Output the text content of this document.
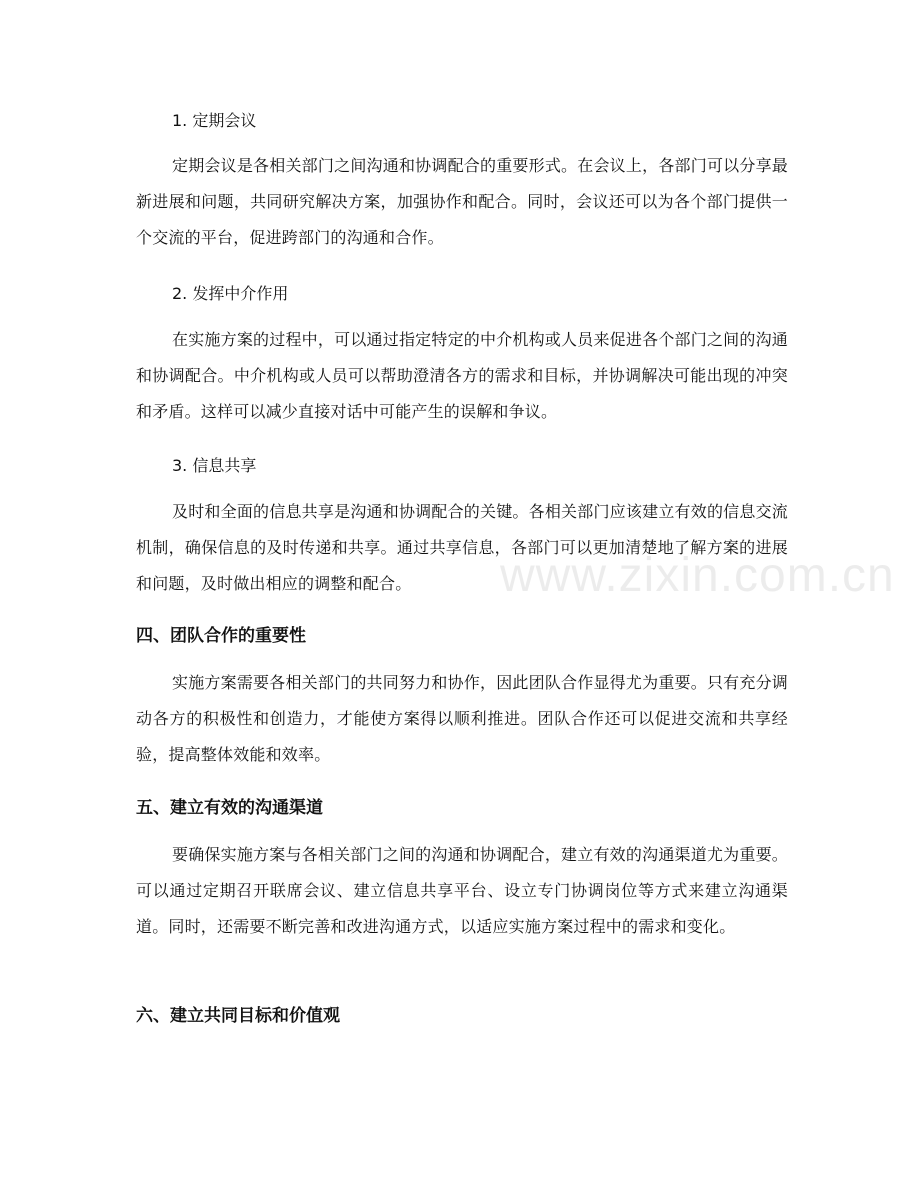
1. 定期会议

定期会议是各相关部门之间沟通和协调配合的重要形式。在会议上，各部门可以分享最新进展和问题，共同研究解决方案，加强协作和配合。同时，会议还可以为各个部门提供一个交流的平台，促进跨部门的沟通和合作。

2. 发挥中介作用

在实施方案的过程中，可以通过指定特定的中介机构或人员来促进各个部门之间的沟通和协调配合。中介机构或人员可以帮助澄清各方的需求和目标，并协调解决可能出现的冲突和矛盾。这样可以减少直接对话中可能产生的误解和争议。

3. 信息共享

及时和全面的信息共享是沟通和协调配合的关键。各相关部门应该建立有效的信息交流机制，确保信息的及时传递和共享。通过共享信息，各部门可以更加清楚地了解方案的进展和问题，及时做出相应的调整和配合。

四、团队合作的重要性

实施方案需要各相关部门的共同努力和协作，因此团队合作显得尤为重要。只有充分调动各方的积极性和创造力，才能使方案得以顺利推进。团队合作还可以促进交流和共享经验，提高整体效能和效率。

五、建立有效的沟通渠道

要确保实施方案与各相关部门之间的沟通和协调配合，建立有效的沟通渠道尤为重要。可以通过定期召开联席会议、建立信息共享平台、设立专门协调岗位等方式来建立沟通渠道。同时，还需要不断完善和改进沟通方式，以适应实施方案过程中的需求和变化。

六、建立共同目标和价值观
www.zixin.com.cn
